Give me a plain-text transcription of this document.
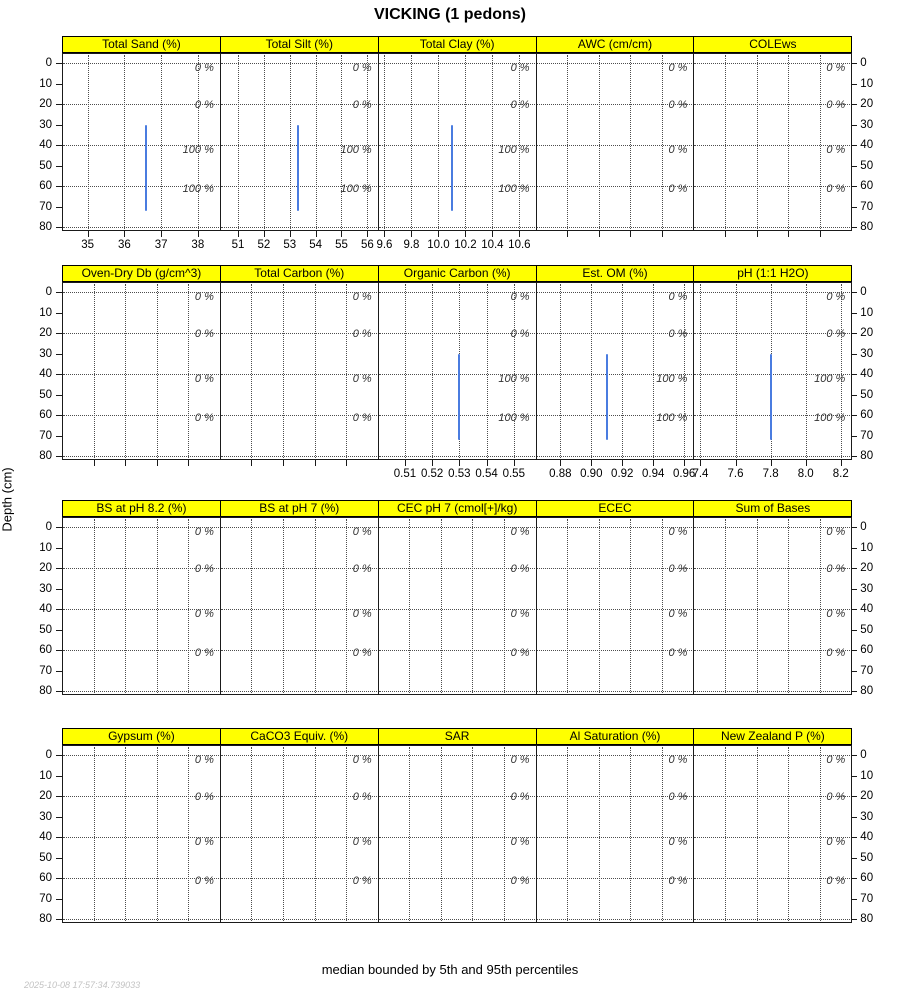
VICKING (1 pedons)
Depth (cm)
0	0
10	10
20	20
30	30
40	40
50	50
60	60
70	70
80	80
Total Sand (%)
35	36	37	38
0 %
0 %
100 %
100 %
Total Silt (%)
51	52	53	54	55	56
0 %
0 %
100 %
100 %
Total Clay (%)
9.6 9.8 10.0 10.2 10.4 10.6
0 %
0 %
100 %
100 %
AWC (cm/cm)
0 %
0 %
0 %
0 %
COLEws
0 %
0 %
0 %
0 %
0	0
10	10
20	20
30	30
40	40
50	50
60	60
70	70
80	80
Oven-Dry Db (g/cm^3)
0 %
0 %
0 %
0 %
Total Carbon (%)
0 %
0 %
0 %
0 %
Organic Carbon (%)
0.51 0.52 0.53 0.54 0.55
0 %
0 %
100 %
100 %
Est. OM (%)
0.88 0.90 0.92 0.94 0.96
0 %
0 %
100 %
100 %
pH (1:1 H2O)
7.4	7.6	7.8	8.0	8.2
0 %
0 %
100 %
100 %
0	0
10	10
20	20
30	30
40	40
50	50
60	60
70	70
80	80
BS at pH 8.2 (%)
0 %
0 %
0 %
0 %
BS at pH 7 (%)
0 %
0 %
0 %
0 %
CEC pH 7 (cmol[+]/kg)
0 %
0 %
0 %
0 %
ECEC
0 %
0 %
0 %
0 %
Sum of Bases
0 %
0 %
0 %
0 %
0	0
10	10
20	20
30	30
40	40
50	50
60	60
70	70
80	80
Gypsum (%)
0 %
0 %
0 %
0 %
CaCO3 Equiv. (%)
0 %
0 %
0 %
0 %
SAR
0 %
0 %
0 %
0 %
Al Saturation (%)
0 %
0 %
0 %
0 %
New Zealand P (%)
0 %
0 %
0 %
0 %
median bounded by 5th and 95th percentiles
2025-10-08 17:57:34.739033
